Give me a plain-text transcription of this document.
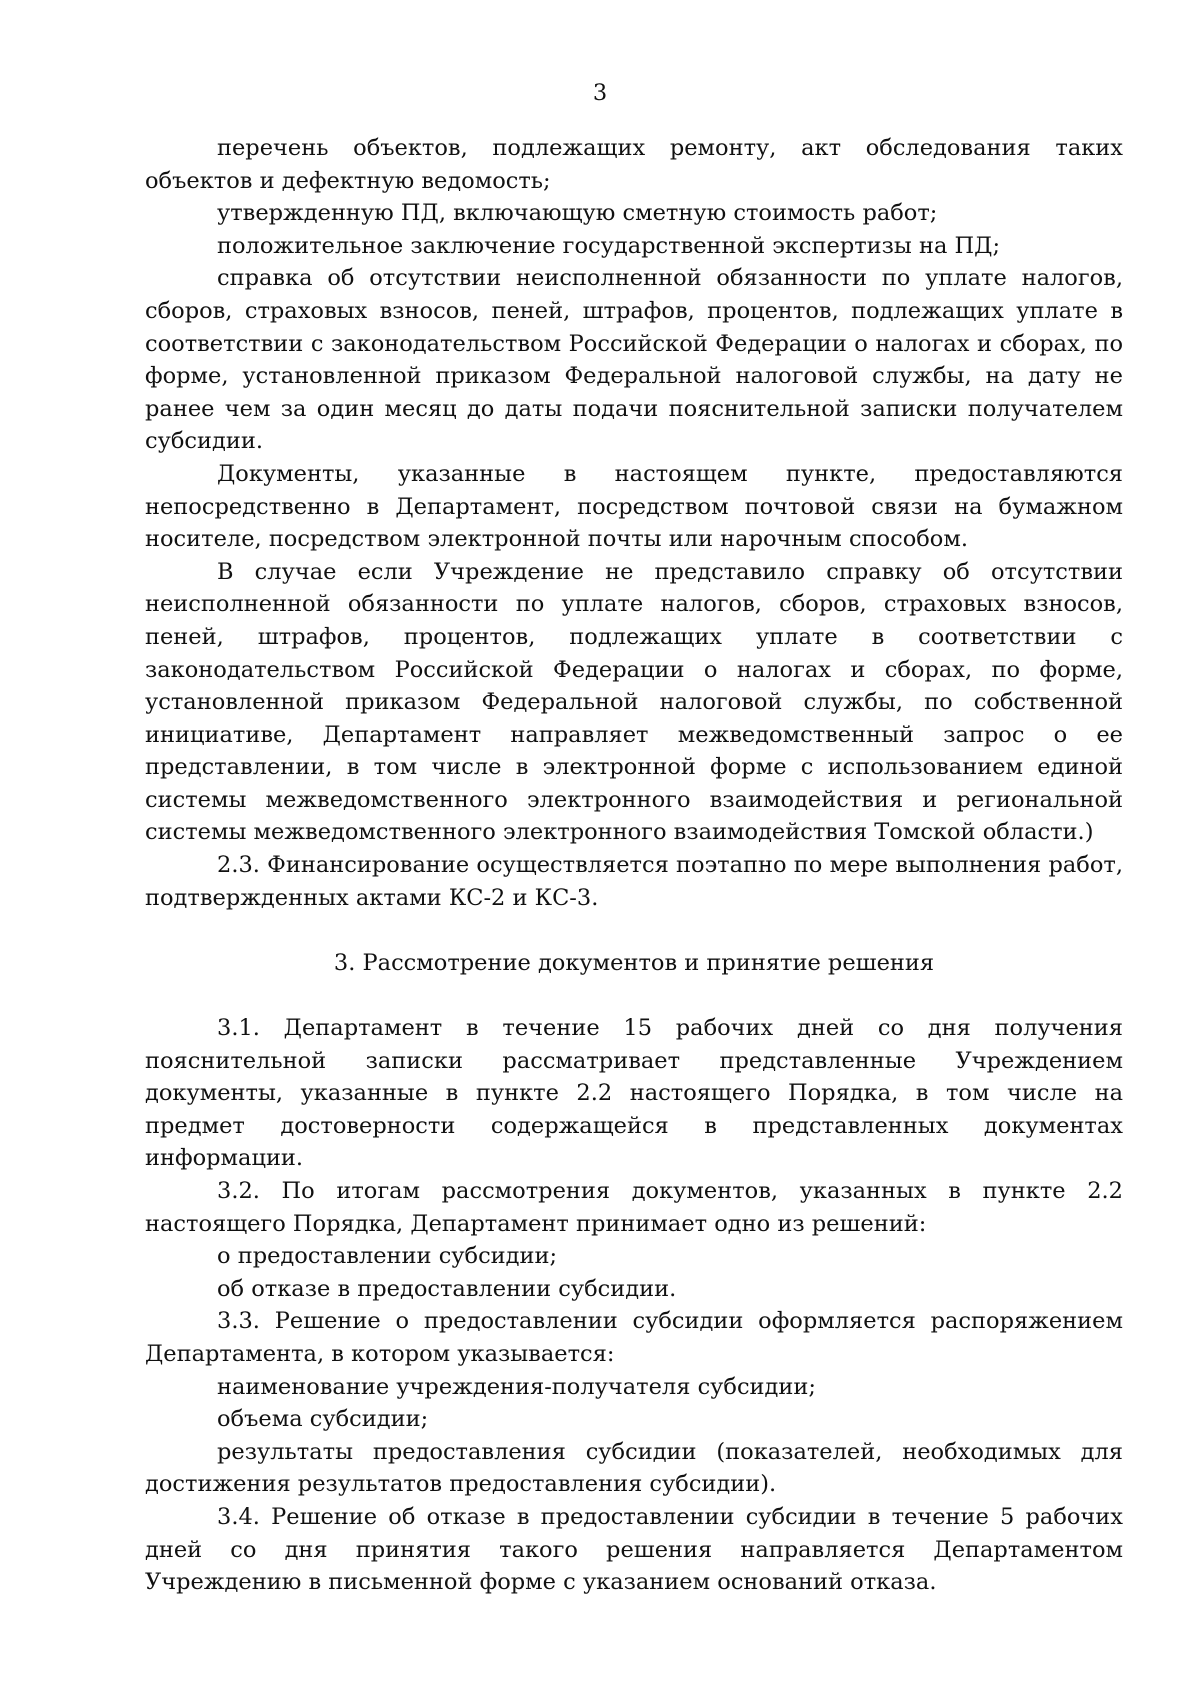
3

перечень объектов, подлежащих ремонту, акт обследования таких объектов и дефектную ведомость;

утвержденную ПД, включающую сметную стоимость работ;

положительное заключение государственной экспертизы на ПД;

справка об отсутствии неисполненной обязанности по уплате налогов, сборов, страховых взносов, пеней, штрафов, процентов, подлежащих уплате в соответствии с законодательством Российской Федерации о налогах и сборах, по форме, установленной приказом Федеральной налоговой службы, на дату не ранее чем за один месяц до даты подачи пояснительной записки получателем субсидии.

Документы, указанные в настоящем пункте, предоставляются непосредственно в Департамент, посредством почтовой связи на бумажном носителе, посредством электронной почты или нарочным способом.

В случае если Учреждение не представило справку об отсутствии неисполненной обязанности по уплате налогов, сборов, страховых взносов, пеней, штрафов, процентов, подлежащих уплате в соответствии с законодательством Российской Федерации о налогах и сборах, по форме, установленной приказом Федеральной налоговой службы, по собственной инициативе, Департамент направляет межведомственный запрос о ее представлении, в том числе в электронной форме с использованием единой системы межведомственного электронного взаимодействия и региональной системы межведомственного электронного взаимодействия Томской области.)

2.3. Финансирование осуществляется поэтапно по мере выполнения работ, подтвержденных актами КС-2 и КС-3.

3. Рассмотрение документов и принятие решения

3.1. Департамент в течение 15 рабочих дней со дня получения пояснительной записки рассматривает представленные Учреждением документы, указанные в пункте 2.2 настоящего Порядка, в том числе на предмет достоверности содержащейся в представленных документах информации.

3.2. По итогам рассмотрения документов, указанных в пункте 2.2 настоящего Порядка, Департамент принимает одно из решений:

о предоставлении субсидии;

об отказе в предоставлении субсидии.

3.3. Решение о предоставлении субсидии оформляется распоряжением Департамента, в котором указывается:

наименование учреждения-получателя субсидии;

объема субсидии;

результаты предоставления субсидии (показателей, необходимых для достижения результатов предоставления субсидии).

3.4. Решение об отказе в предоставлении субсидии в течение 5 рабочих дней со дня принятия такого решения направляется Департаментом Учреждению в письменной форме с указанием оснований отказа.
